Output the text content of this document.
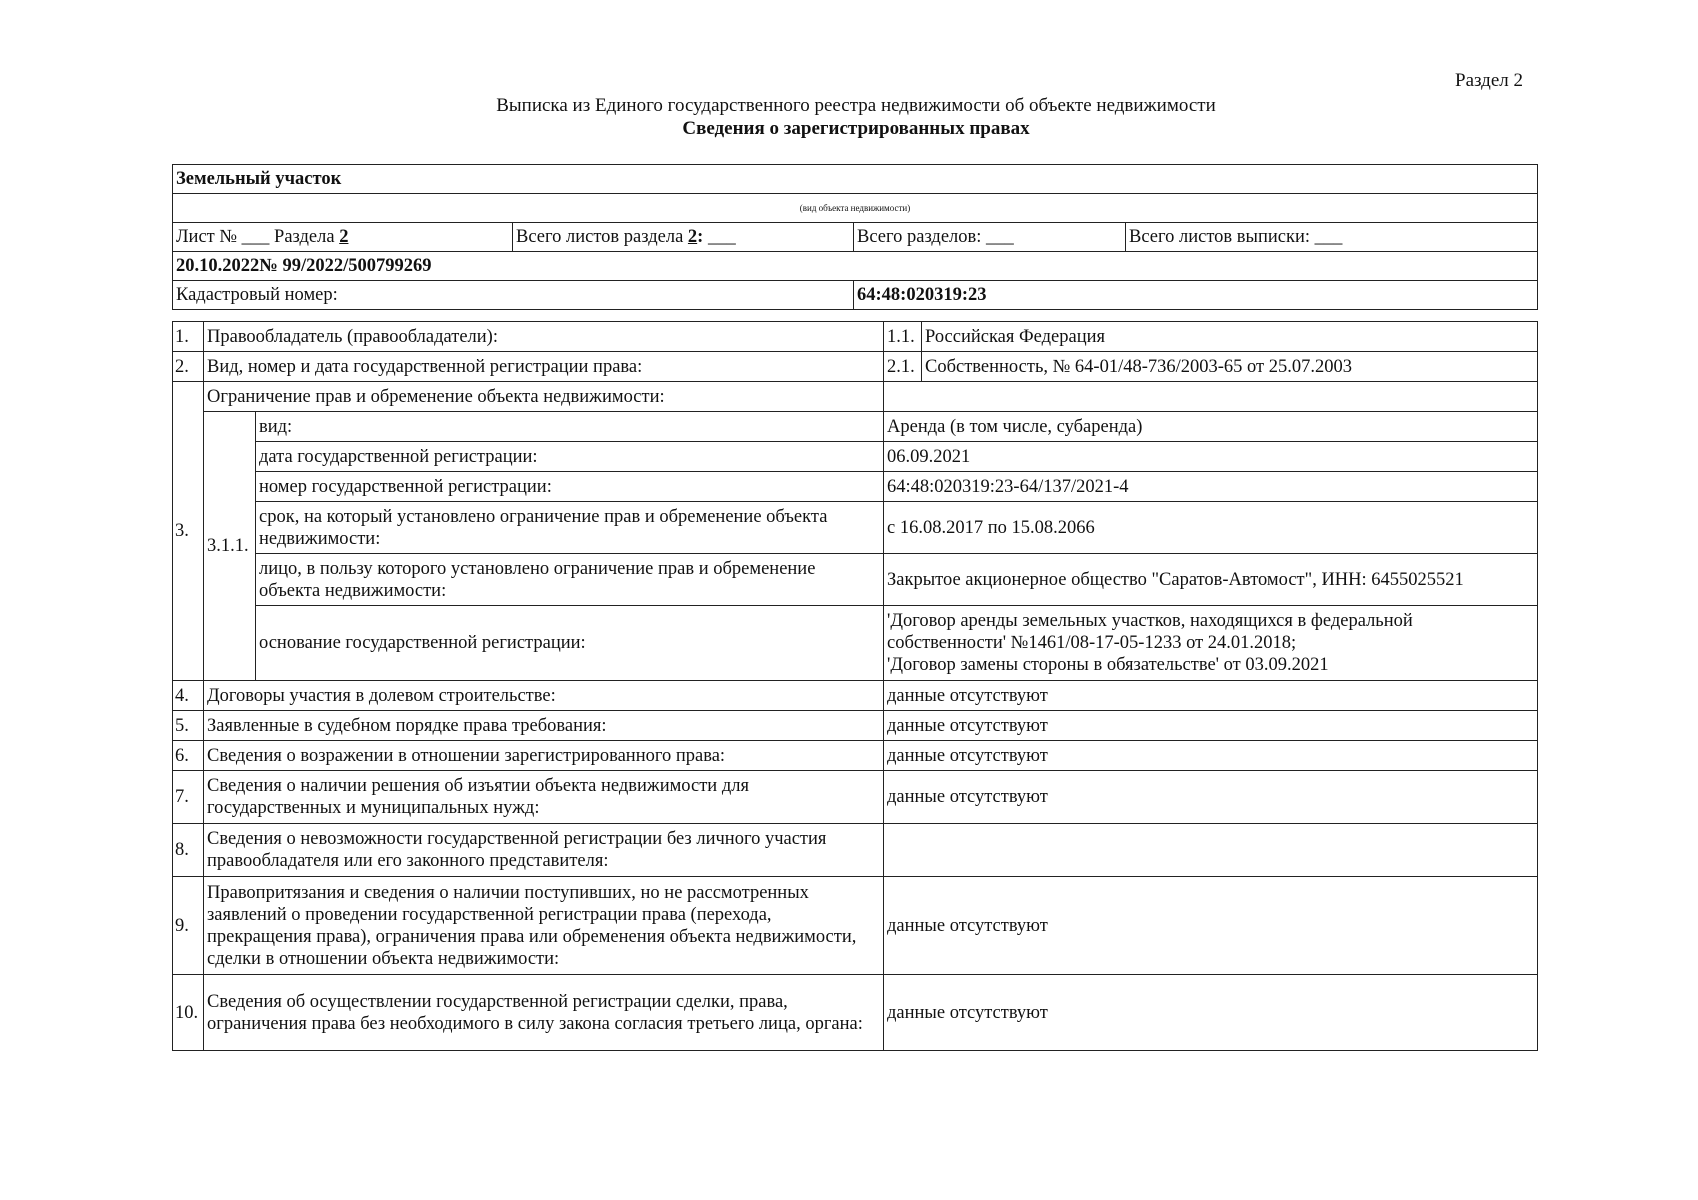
Раздел 2
Выписка из Единого государственного реестра недвижимости об объекте недвижимости
Сведения о зарегистрированных правах
Земельный участок			
(вид объекта недвижимости)			
Лист № ___ Раздела 2	Всего листов раздела 2: ___	Всего разделов: ___	Всего листов выписки: ___
20.10.2022№ 99/2022/500799269			
Кадастровый номер:		64:48:020319:23	
1.	Правообладатель (правообладатели):		1.1.	Российская Федерация
2.	Вид, номер и дата государственной регистрации права:		2.1.	Собственность, № 64-01/48-736/2003-65 от 25.07.2003
3.	Ограничение прав и обременение объекта недвижимости:			
	3.1.1.	вид:	Аренда (в том числе, субаренда)	
		дата государственной регистрации:	06.09.2021	
		номер государственной регистрации:	64:48:020319:23-64/137/2021-4	
		срок, на который установлено ограничение прав и обременение объекта недвижимости:	с 16.08.2017 по 15.08.2066	
		лицо, в пользу которого установлено ограничение прав и обременение объекта недвижимости:	Закрытое акционерное общество "Саратов-Автомост", ИНН: 6455025521	
		основание государственной регистрации:	'Договор аренды земельных участков, находящихся в федеральной собственности' №1461/08-17-05-1233 от 24.01.2018;
'Договор замены стороны в обязательстве' от 03.09.2021	
4.	Договоры участия в долевом строительстве:		данные отсутствуют	
5.	Заявленные в судебном порядке права требования:		данные отсутствуют	
6.	Сведения о возражении в отношении зарегистрированного права:		данные отсутствуют	
7.	Сведения о наличии решения об изъятии объекта недвижимости для государственных и муниципальных нужд:		данные отсутствуют	
8.	Сведения о невозможности государственной регистрации без личного участия правообладателя или его законного представителя:			
9.	Правопритязания и сведения о наличии поступивших, но не рассмотренных заявлений о проведении государственной регистрации права (перехода, прекращения права), ограничения права или обременения объекта недвижимости, сделки в отношении объекта недвижимости:		данные отсутствуют	
10.	Сведения об осуществлении государственной регистрации сделки, права, ограничения права без необходимого в силу закона согласия третьего лица, органа:		данные отсутствуют	
